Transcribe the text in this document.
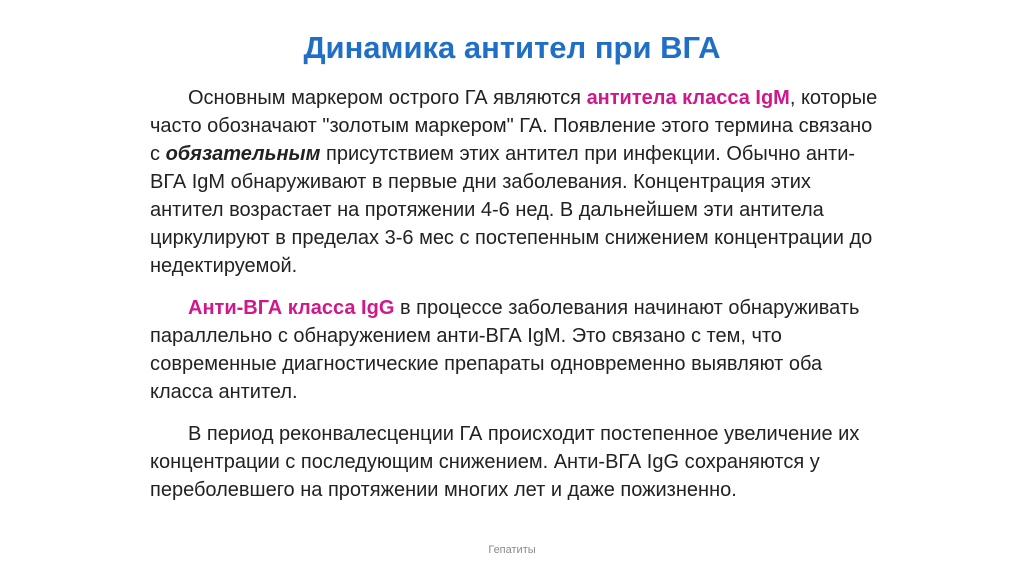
Динамика антител при ВГА

Основным маркером острого ГА являются антитела класса IgM, которые часто обозначают "золотым маркером" ГА. Появление этого термина связано с обязательным присутствием этих антител при инфекции. Обычно анти-ВГА IgM обнаруживают в первые дни заболевания. Концентрация этих антител возрастает на протяжении 4-6 нед. В дальнейшем эти антитела циркулируют в пределах 3-6 мес с постепенным снижением концентрации до недектируемой.

Анти-ВГА класса IgG в процессе заболевания начинают обнаруживать параллельно с обнаружением анти-ВГА IgM. Это связано с тем, что современные диагностические препараты одновременно выявляют оба класса антител.

В период реконвалесценции ГА происходит постепенное увеличение их концентрации с последующим снижением. Анти-ВГА IgG сохраняются у переболевшего на протяжении многих лет и даже пожизненно.

Гепатиты
